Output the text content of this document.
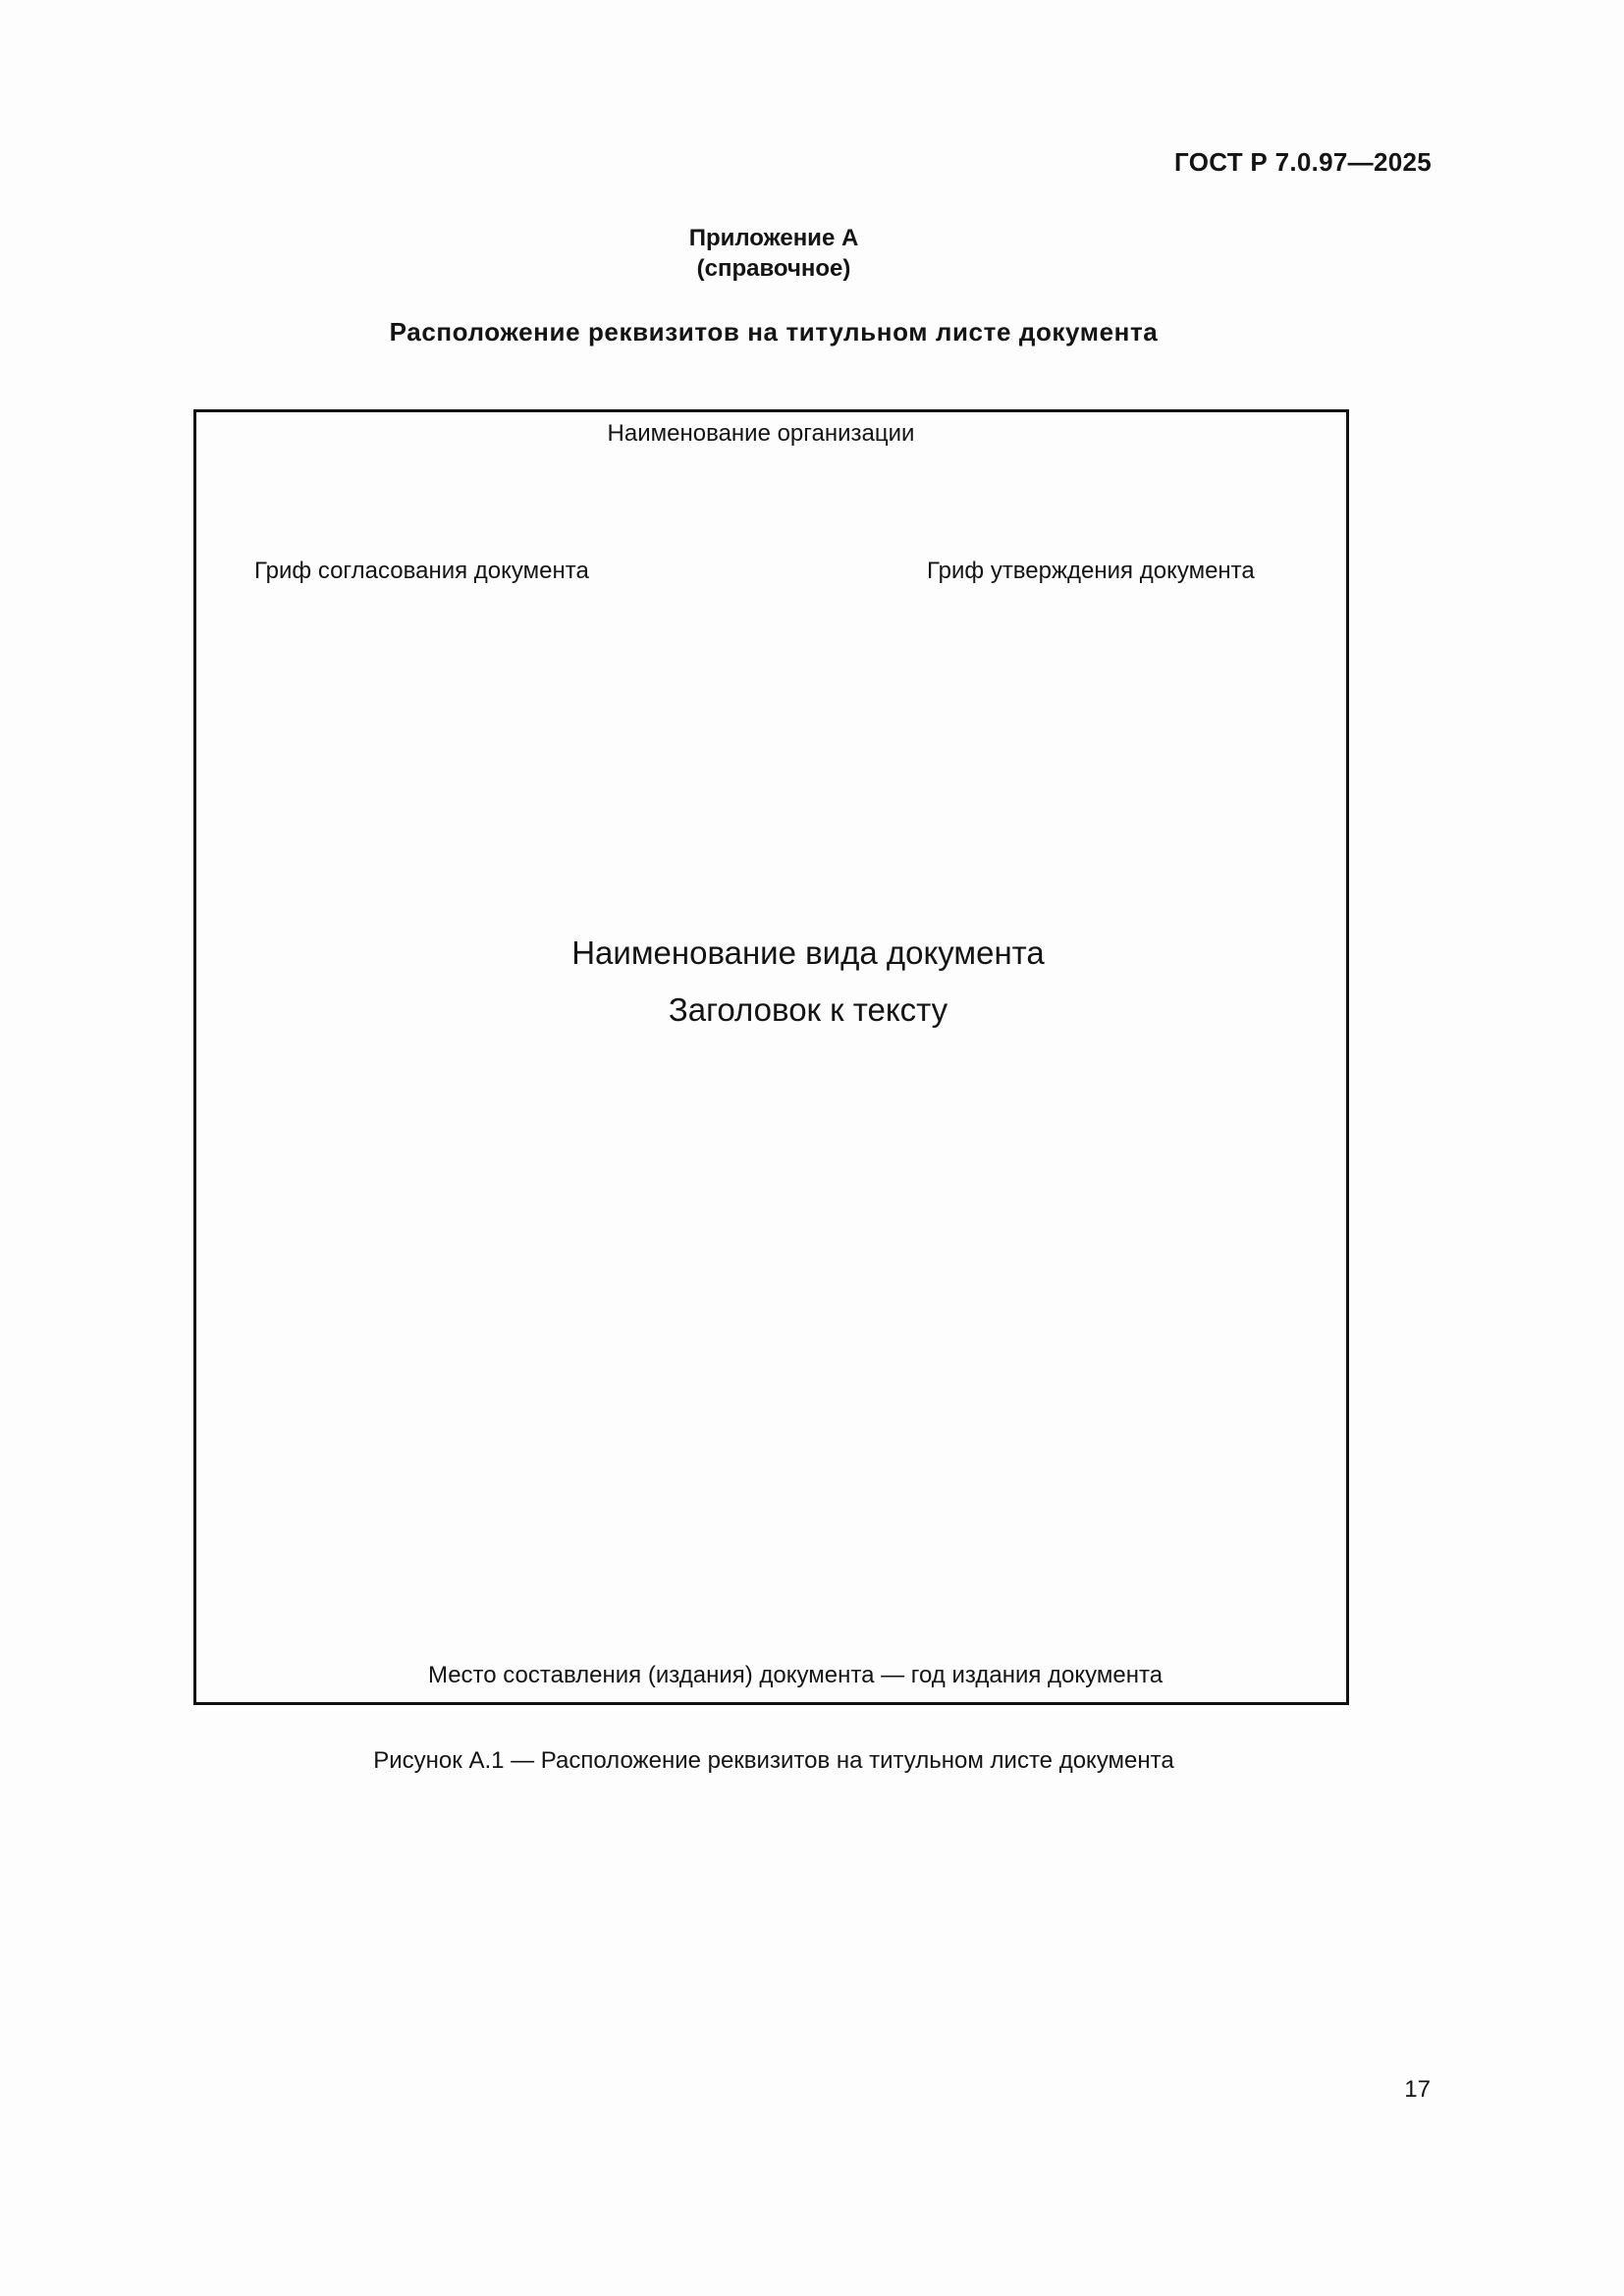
ГОСТ Р 7.0.97—2025
Приложение А
(справочное)
Расположение реквизитов на титульном листе документа
Наименование организации
Гриф согласования документа	Гриф утверждения документа
Наименование вида документа
Заголовок к тексту
Место составления (издания) документа — год издания документа
Рисунок А.1 — Расположение реквизитов на титульном листе документа
17
